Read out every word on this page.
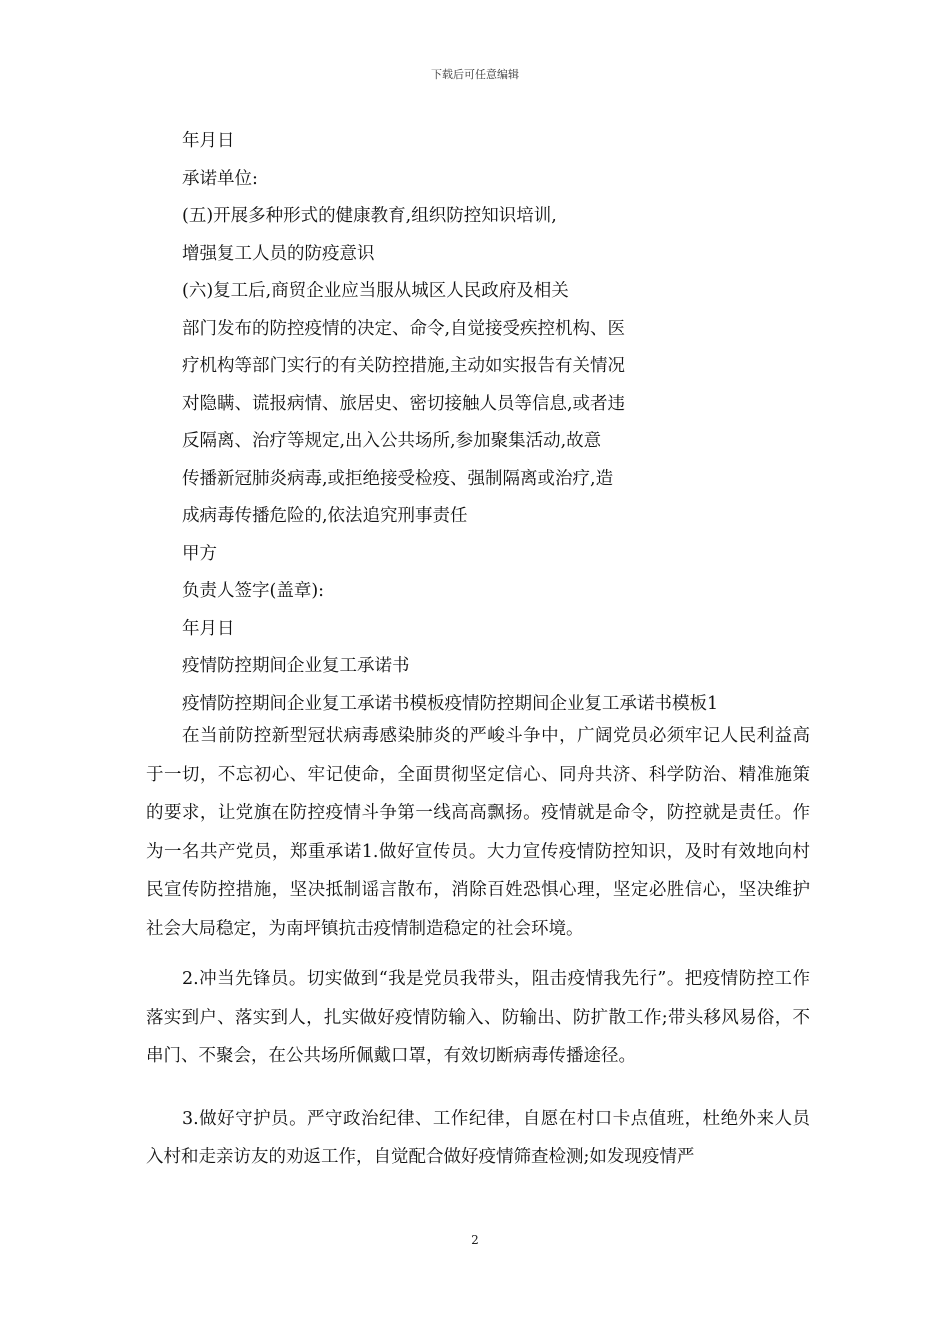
下载后可任意编辑
年月日
承诺单位:
(五)开展多种形式的健康教育,组织防控知识培训,
增强复工人员的防疫意识
(六)复工后,商贸企业应当服从城区人民政府及相关
部门发布的防控疫情的决定、命令,自觉接受疾控机构、医
疗机构等部门实行的有关防控措施,主动如实报告有关情况
对隐瞒、谎报病情、旅居史、密切接触人员等信息,或者违
反隔离、治疗等规定,出入公共场所,参加聚集活动,故意
传播新冠肺炎病毒,或拒绝接受检疫、强制隔离或治疗,造
成病毒传播危险的,依法追究刑事责任
甲方
负责人签字(盖章):
年月日
疫情防控期间企业复工承诺书
疫情防控期间企业复工承诺书模板疫情防控期间企业复工承诺书模板1

在当前防控新型冠状病毒感染肺炎的严峻斗争中，广阔党员必须牢记人民利益高于一切，不忘初心、牢记使命，全面贯彻坚定信心、同舟共济、科学防治、精准施策的要求，让党旗在防控疫情斗争第一线高高飘扬。疫情就是命令，防控就是责任。作为一名共产党员，郑重承诺1.做好宣传员。大力宣传疫情防控知识，及时有效地向村民宣传防控措施，坚决抵制谣言散布，消除百姓恐惧心理，坚定必胜信心，坚决维护社会大局稳定，为南坪镇抗击疫情制造稳定的社会环境。

2.冲当先锋员。切实做到“我是党员我带头，阻击疫情我先行”。把疫情防控工作落实到户、落实到人，扎实做好疫情防输入、防输出、防扩散工作;带头移风易俗，不串门、不聚会，在公共场所佩戴口罩，有效切断病毒传播途径。

3.做好守护员。严守政治纪律、工作纪律，自愿在村口卡点值班，杜绝外来人员入村和走亲访友的劝返工作，自觉配合做好疫情筛查检测;如发现疫情严

2
